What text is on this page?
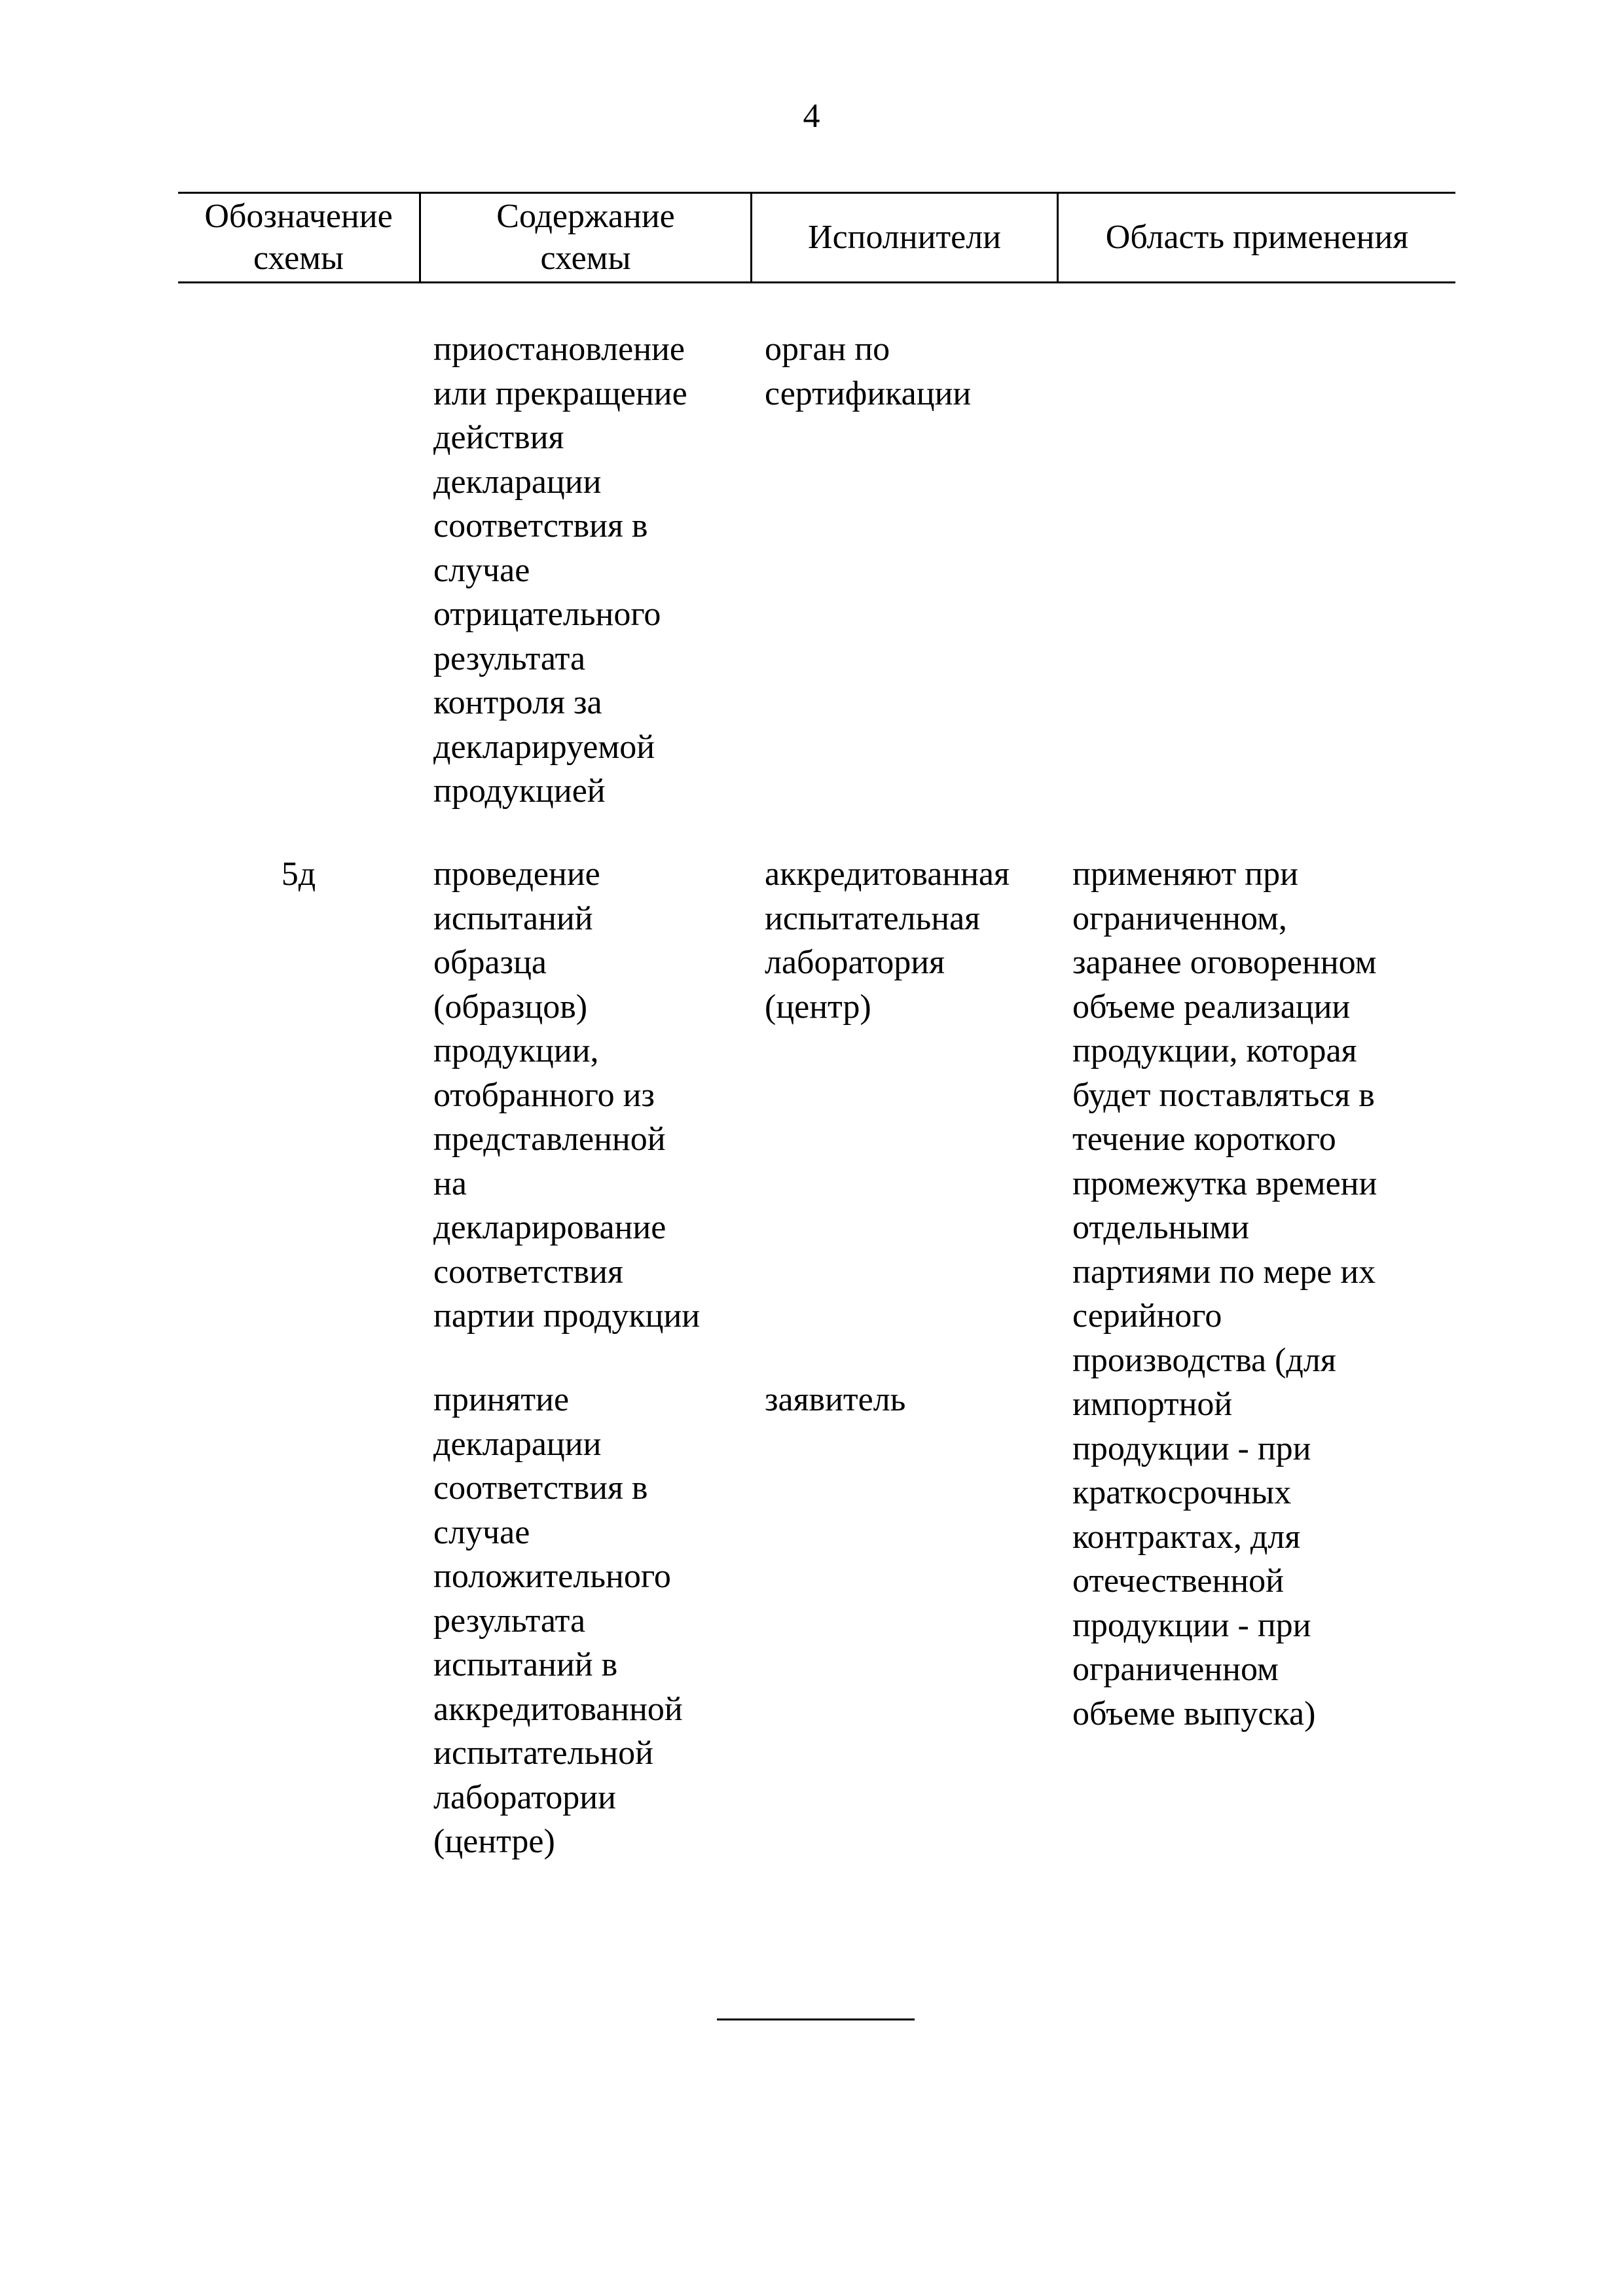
4
Обозначение
схемы
Содержание
схемы
Исполнители	Область применения
приостановление
или прекращение
действия
декларации
соответствия в
случае
отрицательного
результата
контроля за
декларируемой
продукцией
орган по
сертификации
5д	проведение
испытаний
образца
(образцов)
продукции,
отобранного из
представленной
на
декларирование
соответствия
партии продукции
аккредитованная
испытательная
лаборатория
(центр)
применяют при
ограниченном,
заранее оговоренном
объеме реализации
продукции, которая
будет поставляться в
течение короткого
промежутка времени
отдельными
партиями по мере их
серийного
производства (для
импортной
продукции - при
краткосрочных
контрактах, для
отечественной
продукции - при
ограниченном
объеме выпуска)
принятие
декларации
соответствия в
случае
положительного
результата
испытаний в
аккредитованной
испытательной
лаборатории
(центре)
заявитель
